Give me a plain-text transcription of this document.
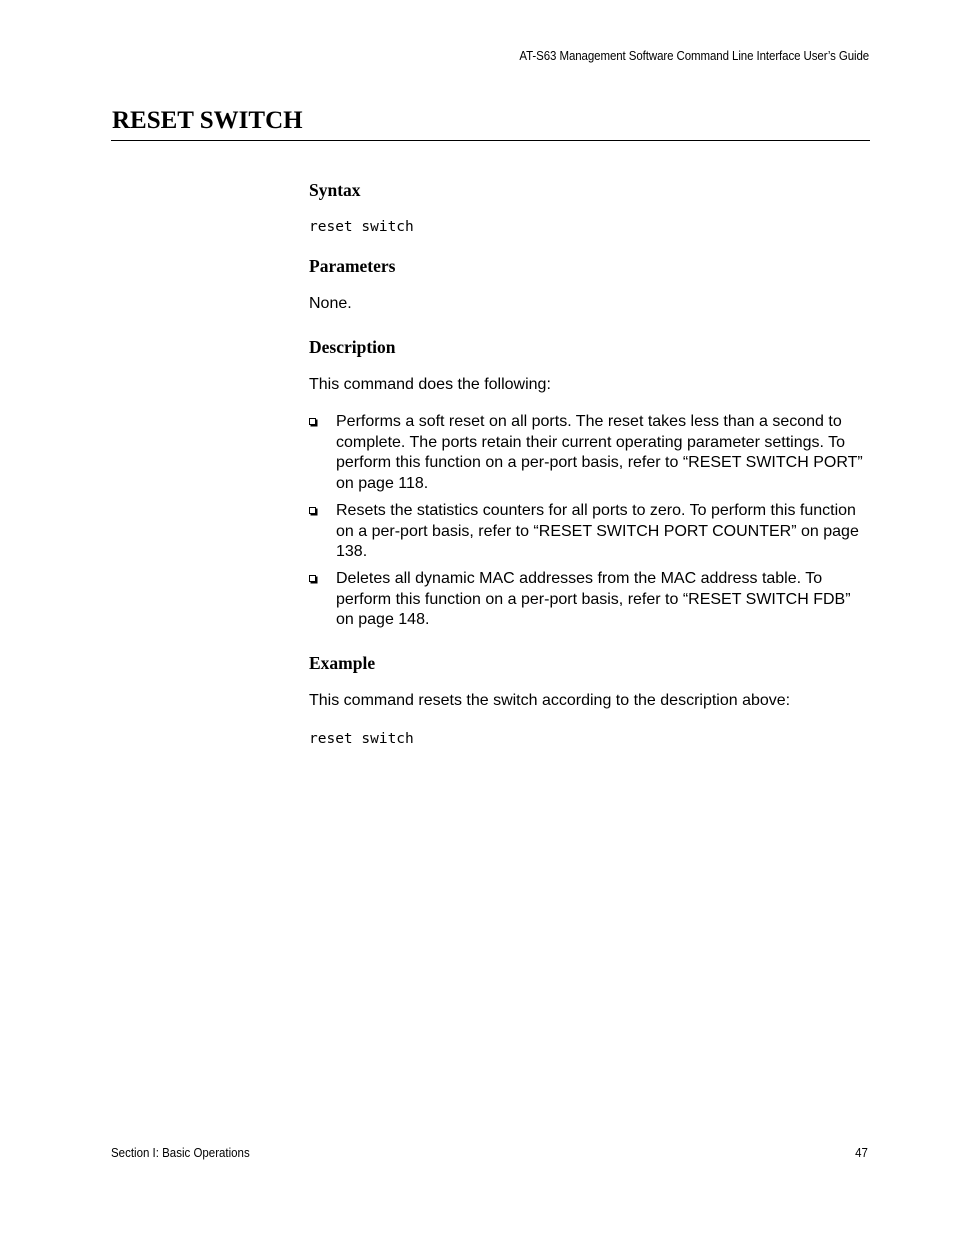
AT-S63 Management Software Command Line Interface User’s Guide
RESET SWITCH
Syntax
reset switch
Parameters

None.

Description

This command does the following:

Performs a soft reset on all ports. The reset takes less than a second to complete. The ports retain their current operating parameter settings. To perform this function on a per-port basis, refer to “RESET SWITCH PORT” on page 118.
Resets the statistics counters for all ports to zero. To perform this function on a per-port basis, refer to “RESET SWITCH PORT COUNTER” on page 138.
Deletes all dynamic MAC addresses from the MAC address table. To perform this function on a per-port basis, refer to “RESET SWITCH FDB” on page 148.
Example

This command resets the switch according to the description above:

reset switch
Section I: Basic Operations	47
